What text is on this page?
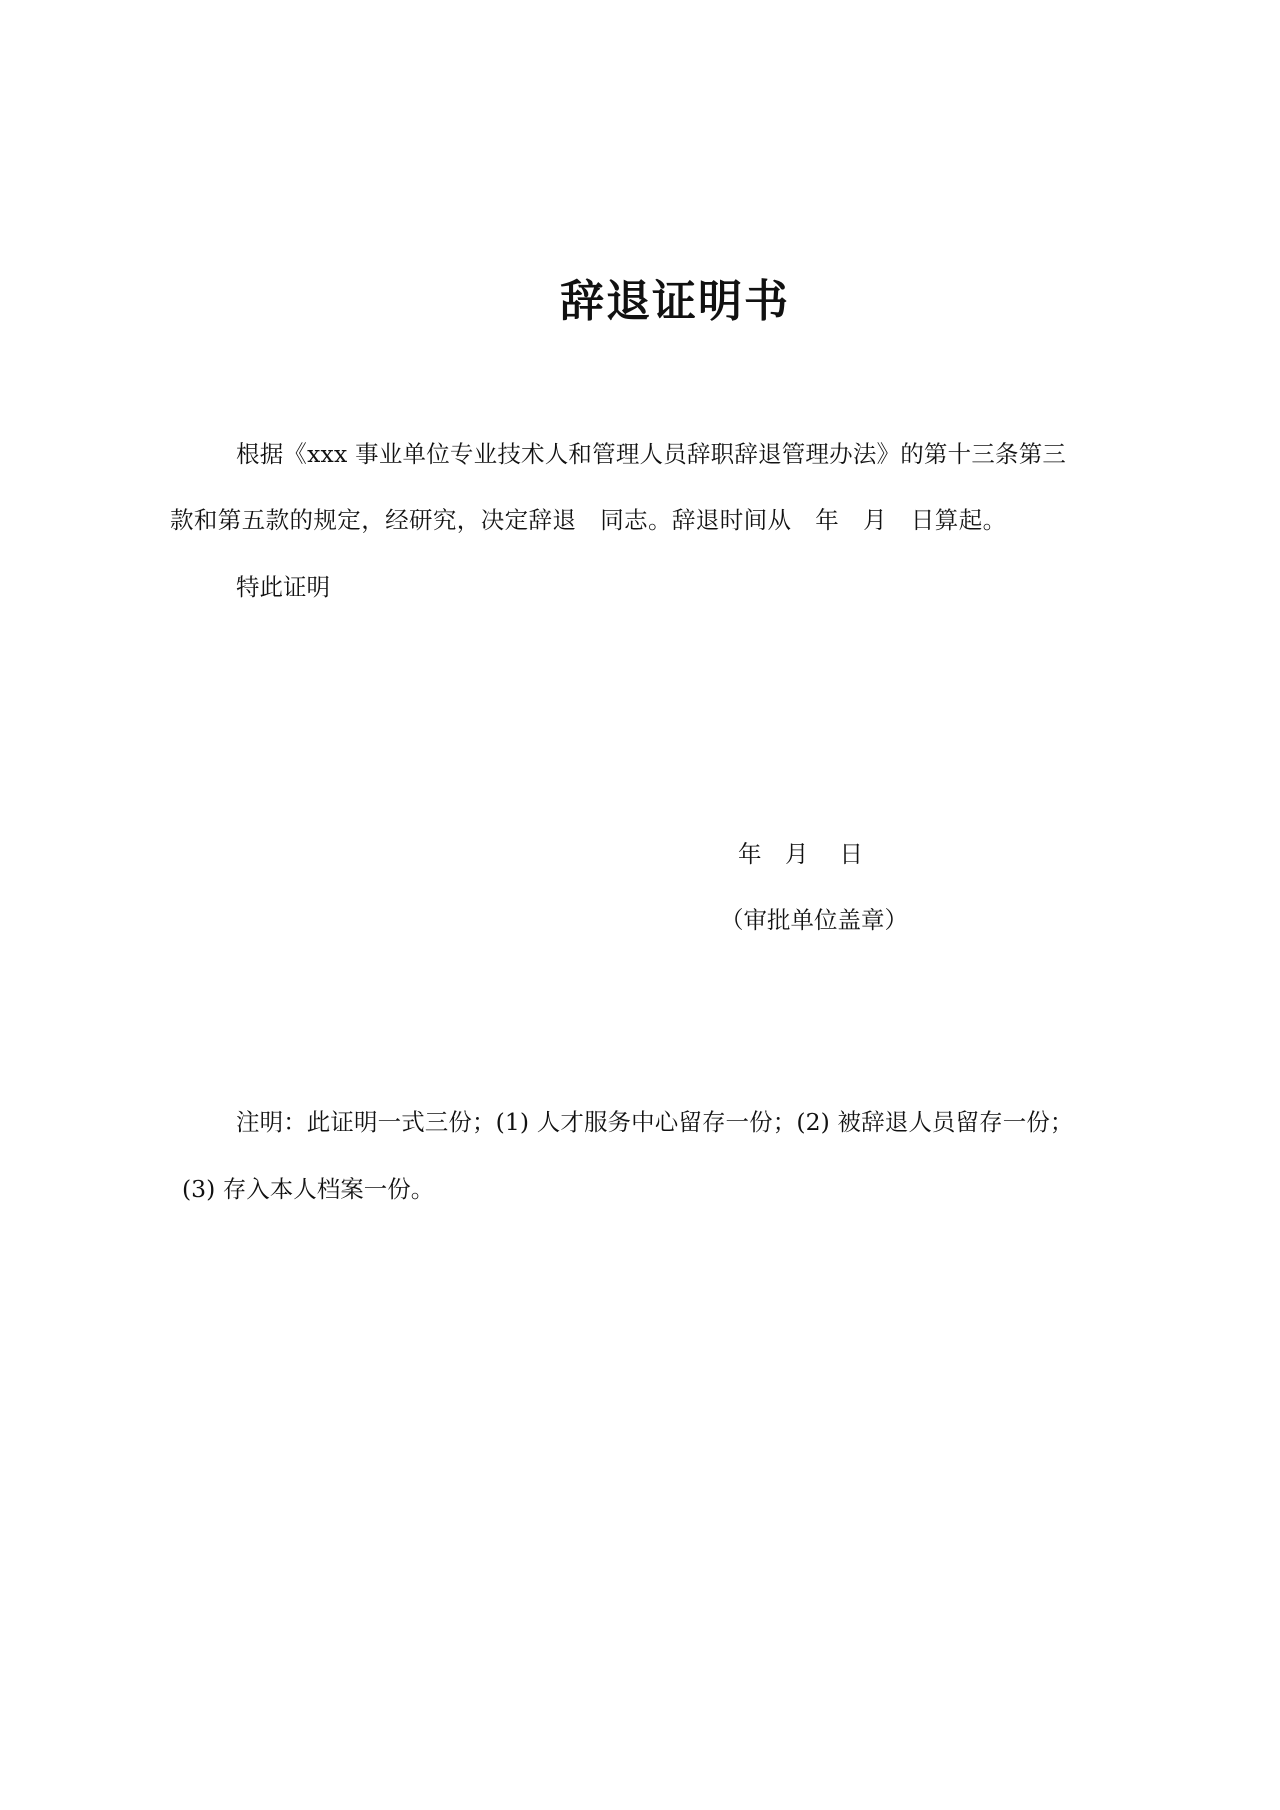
辞退证明书
根据《xxx 事业单位专业技术人和管理人员辞职辞退管理办法》的第十三条第三
款和第五款的规定，经研究，决定辞退　同志。辞退时间从　年　月　日算起。
特此证明
年　月　 日
（审批单位盖章）
注明：此证明一式三份；(1) 人才服务中心留存一份；(2) 被辞退人员留存一份；
(3) 存入本人档案一份。
